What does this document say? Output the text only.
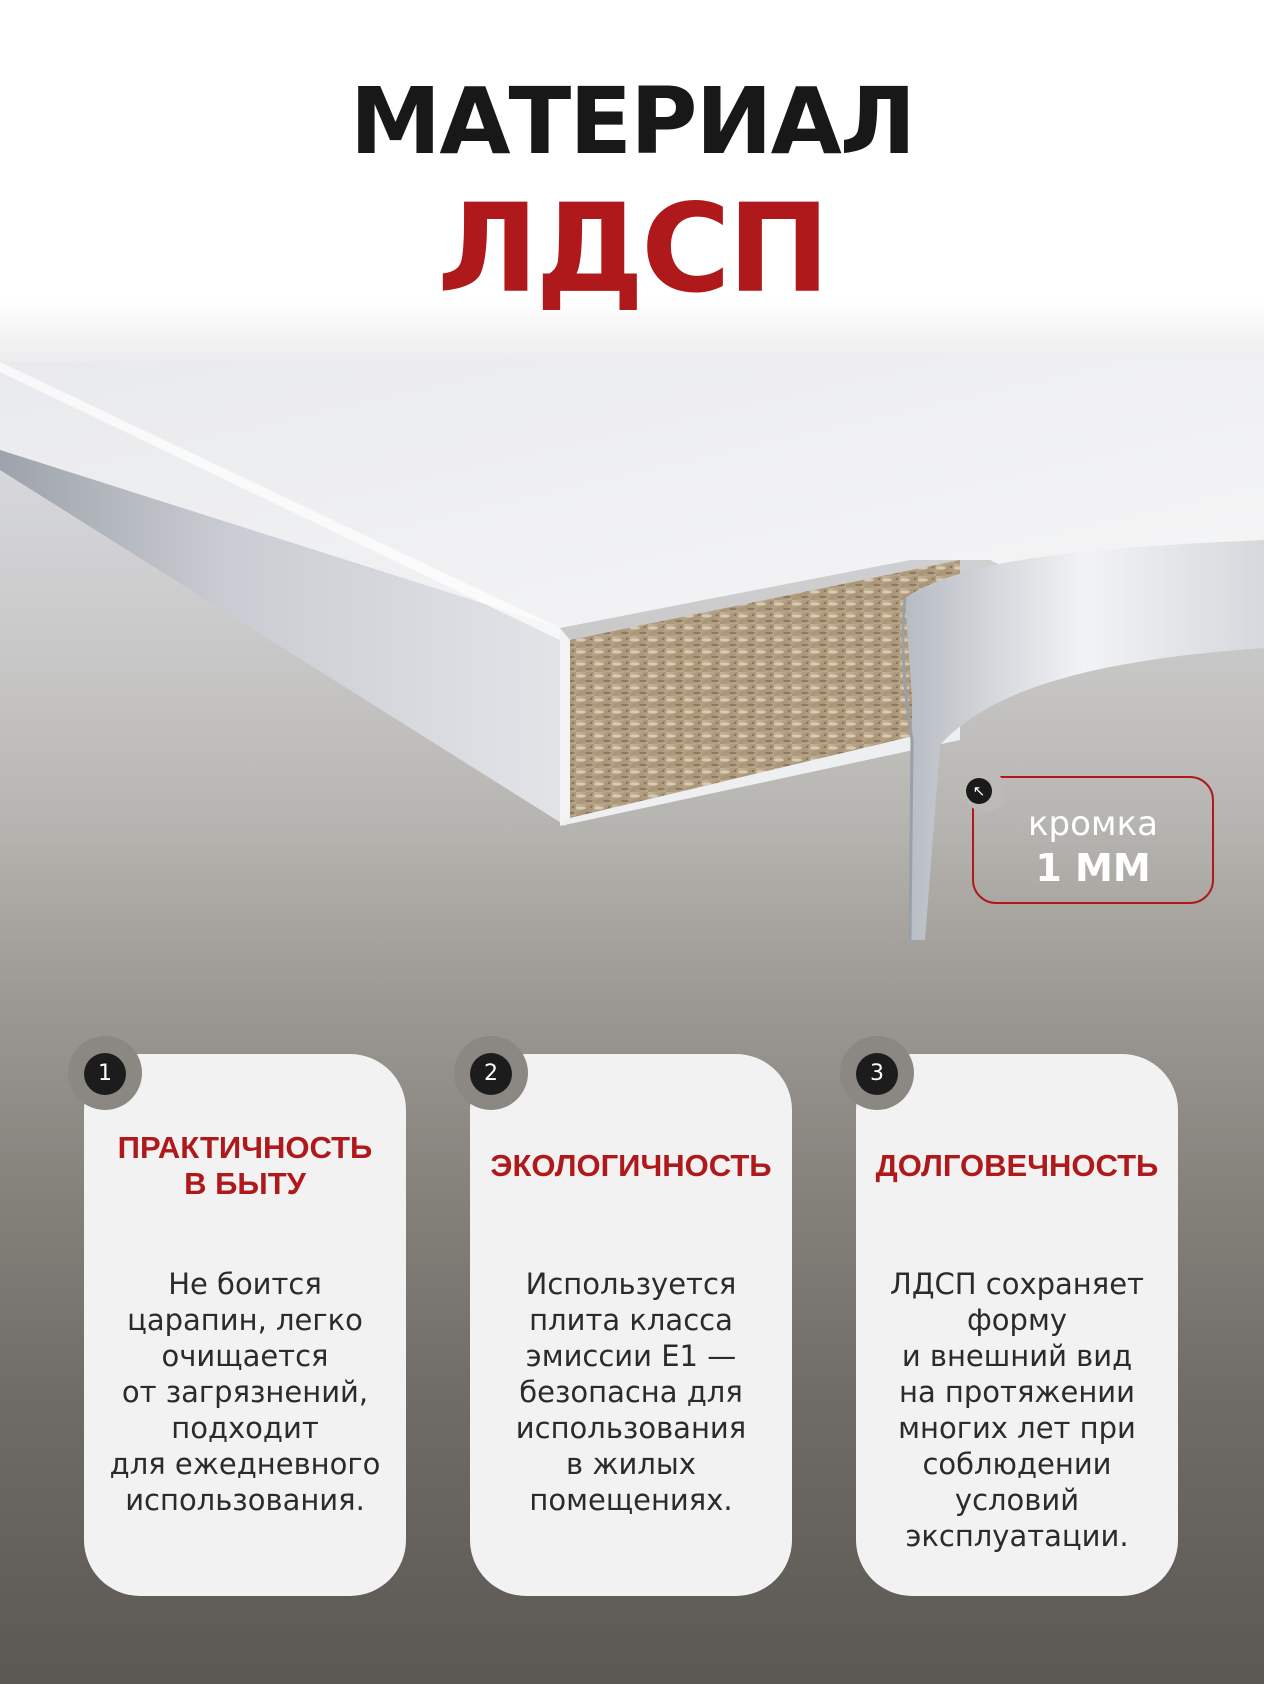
МАТЕРИАЛ
ЛДСП
кромка
1 ММ
↖
ПРАКТИЧНОСТЬ
В БЫТУ
Не боится
царапин, легко
очищается
от загрязнений,
подходит
для ежедневного
использования.
1
ЭКОЛОГИЧНОСТЬ
Используется
плита класса
эмиссии Е1 —
безопасна для
использования
в жилых
помещениях.
2
ДОЛГОВЕЧНОСТЬ
ЛДСП сохраняет
форму
и внешний вид
на протяжении
многих лет при
соблюдении
условий
эксплуатации.
3
